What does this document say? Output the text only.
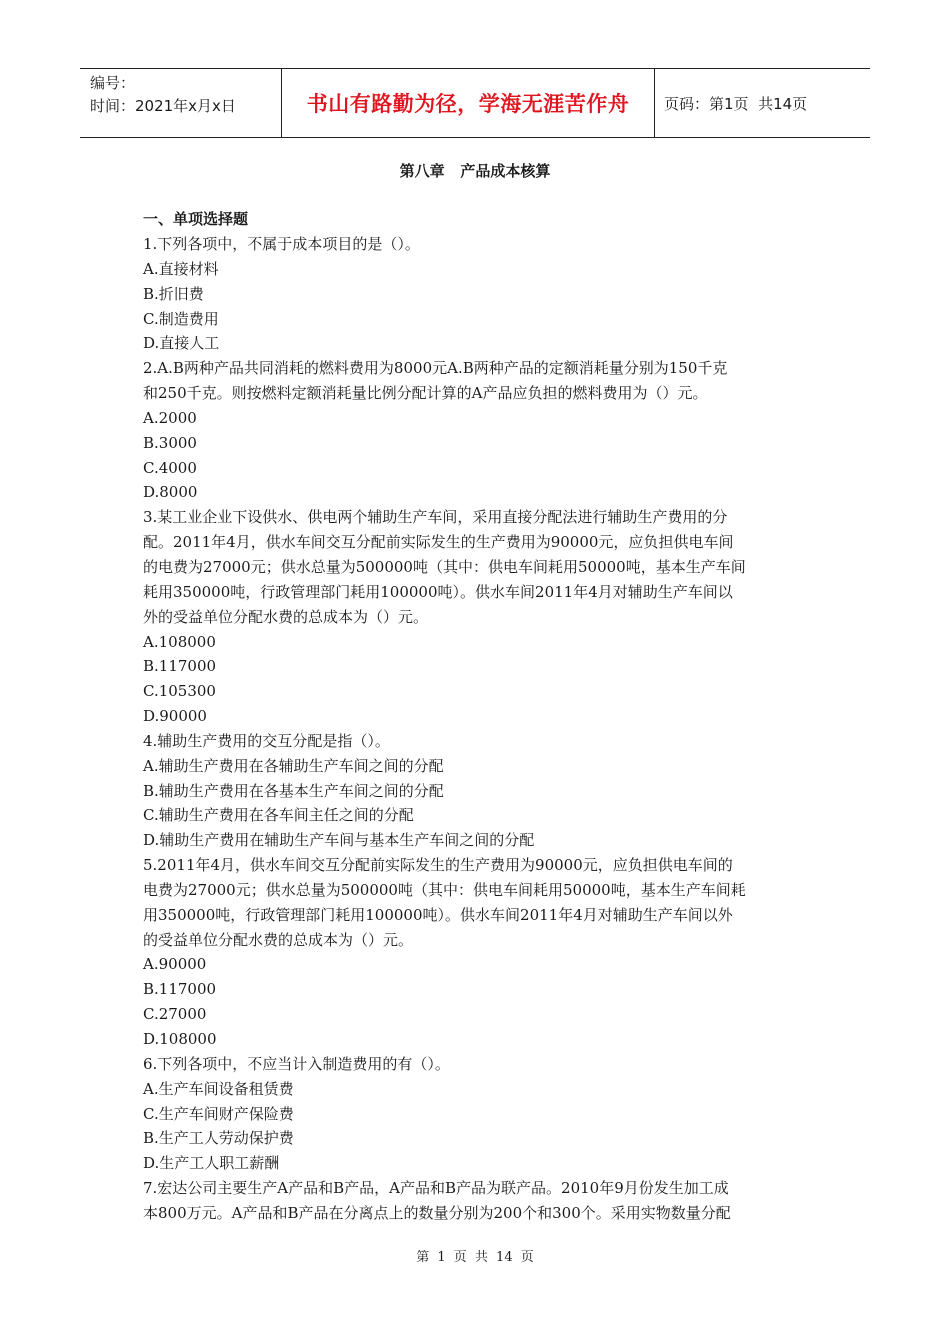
编号：
时间：2021年x月x日	书山有路勤为径，学海无涯苦作舟 页码：第1页  共14页
第八章   产品成本核算
一、单项选择题
1.下列各项中，不属于成本项目的是（）。
A.直接材料
B.折旧费
C.制造费用
D.直接人工
2.A.B两种产品共同消耗的燃料费用为8000元A.B两种产品的定额消耗量分别为150千克
和250千克。则按燃料定额消耗量比例分配计算的A产品应负担的燃料费用为（）元。
A.2000
B.3000
C.4000
D.8000
3.某工业企业下设供水、供电两个辅助生产车间，采用直接分配法进行辅助生产费用的分
配。2011年4月，供水车间交互分配前实际发生的生产费用为90000元，应负担供电车间
的电费为27000元；供水总量为500000吨（其中：供电车间耗用50000吨，基本生产车间
耗用350000吨，行政管理部门耗用100000吨）。供水车间2011年4月对辅助生产车间以
外的受益单位分配水费的总成本为（）元。
A.108000
B.117000
C.105300
D.90000
4.辅助生产费用的交互分配是指（）。
A.辅助生产费用在各辅助生产车间之间的分配
B.辅助生产费用在各基本生产车间之间的分配
C.辅助生产费用在各车间主任之间的分配
D.辅助生产费用在辅助生产车间与基本生产车间之间的分配
5.2011年4月，供水车间交互分配前实际发生的生产费用为90000元，应负担供电车间的
电费为27000元；供水总量为500000吨（其中：供电车间耗用50000吨，基本生产车间耗
用350000吨，行政管理部门耗用100000吨）。供水车间2011年4月对辅助生产车间以外
的受益单位分配水费的总成本为（）元。
A.90000
B.117000
C.27000
D.108000
6.下列各项中，不应当计入制造费用的有（）。
A.生产车间设备租赁费
C.生产车间财产保险费
B.生产工人劳动保护费
D.生产工人职工薪酬
7.宏达公司主要生产A产品和B产品，A产品和B产品为联产品。2010年9月份发生加工成
本800万元。A产品和B产品在分离点上的数量分别为200个和300个。采用实物数量分配
第 1 页 共 14 页
